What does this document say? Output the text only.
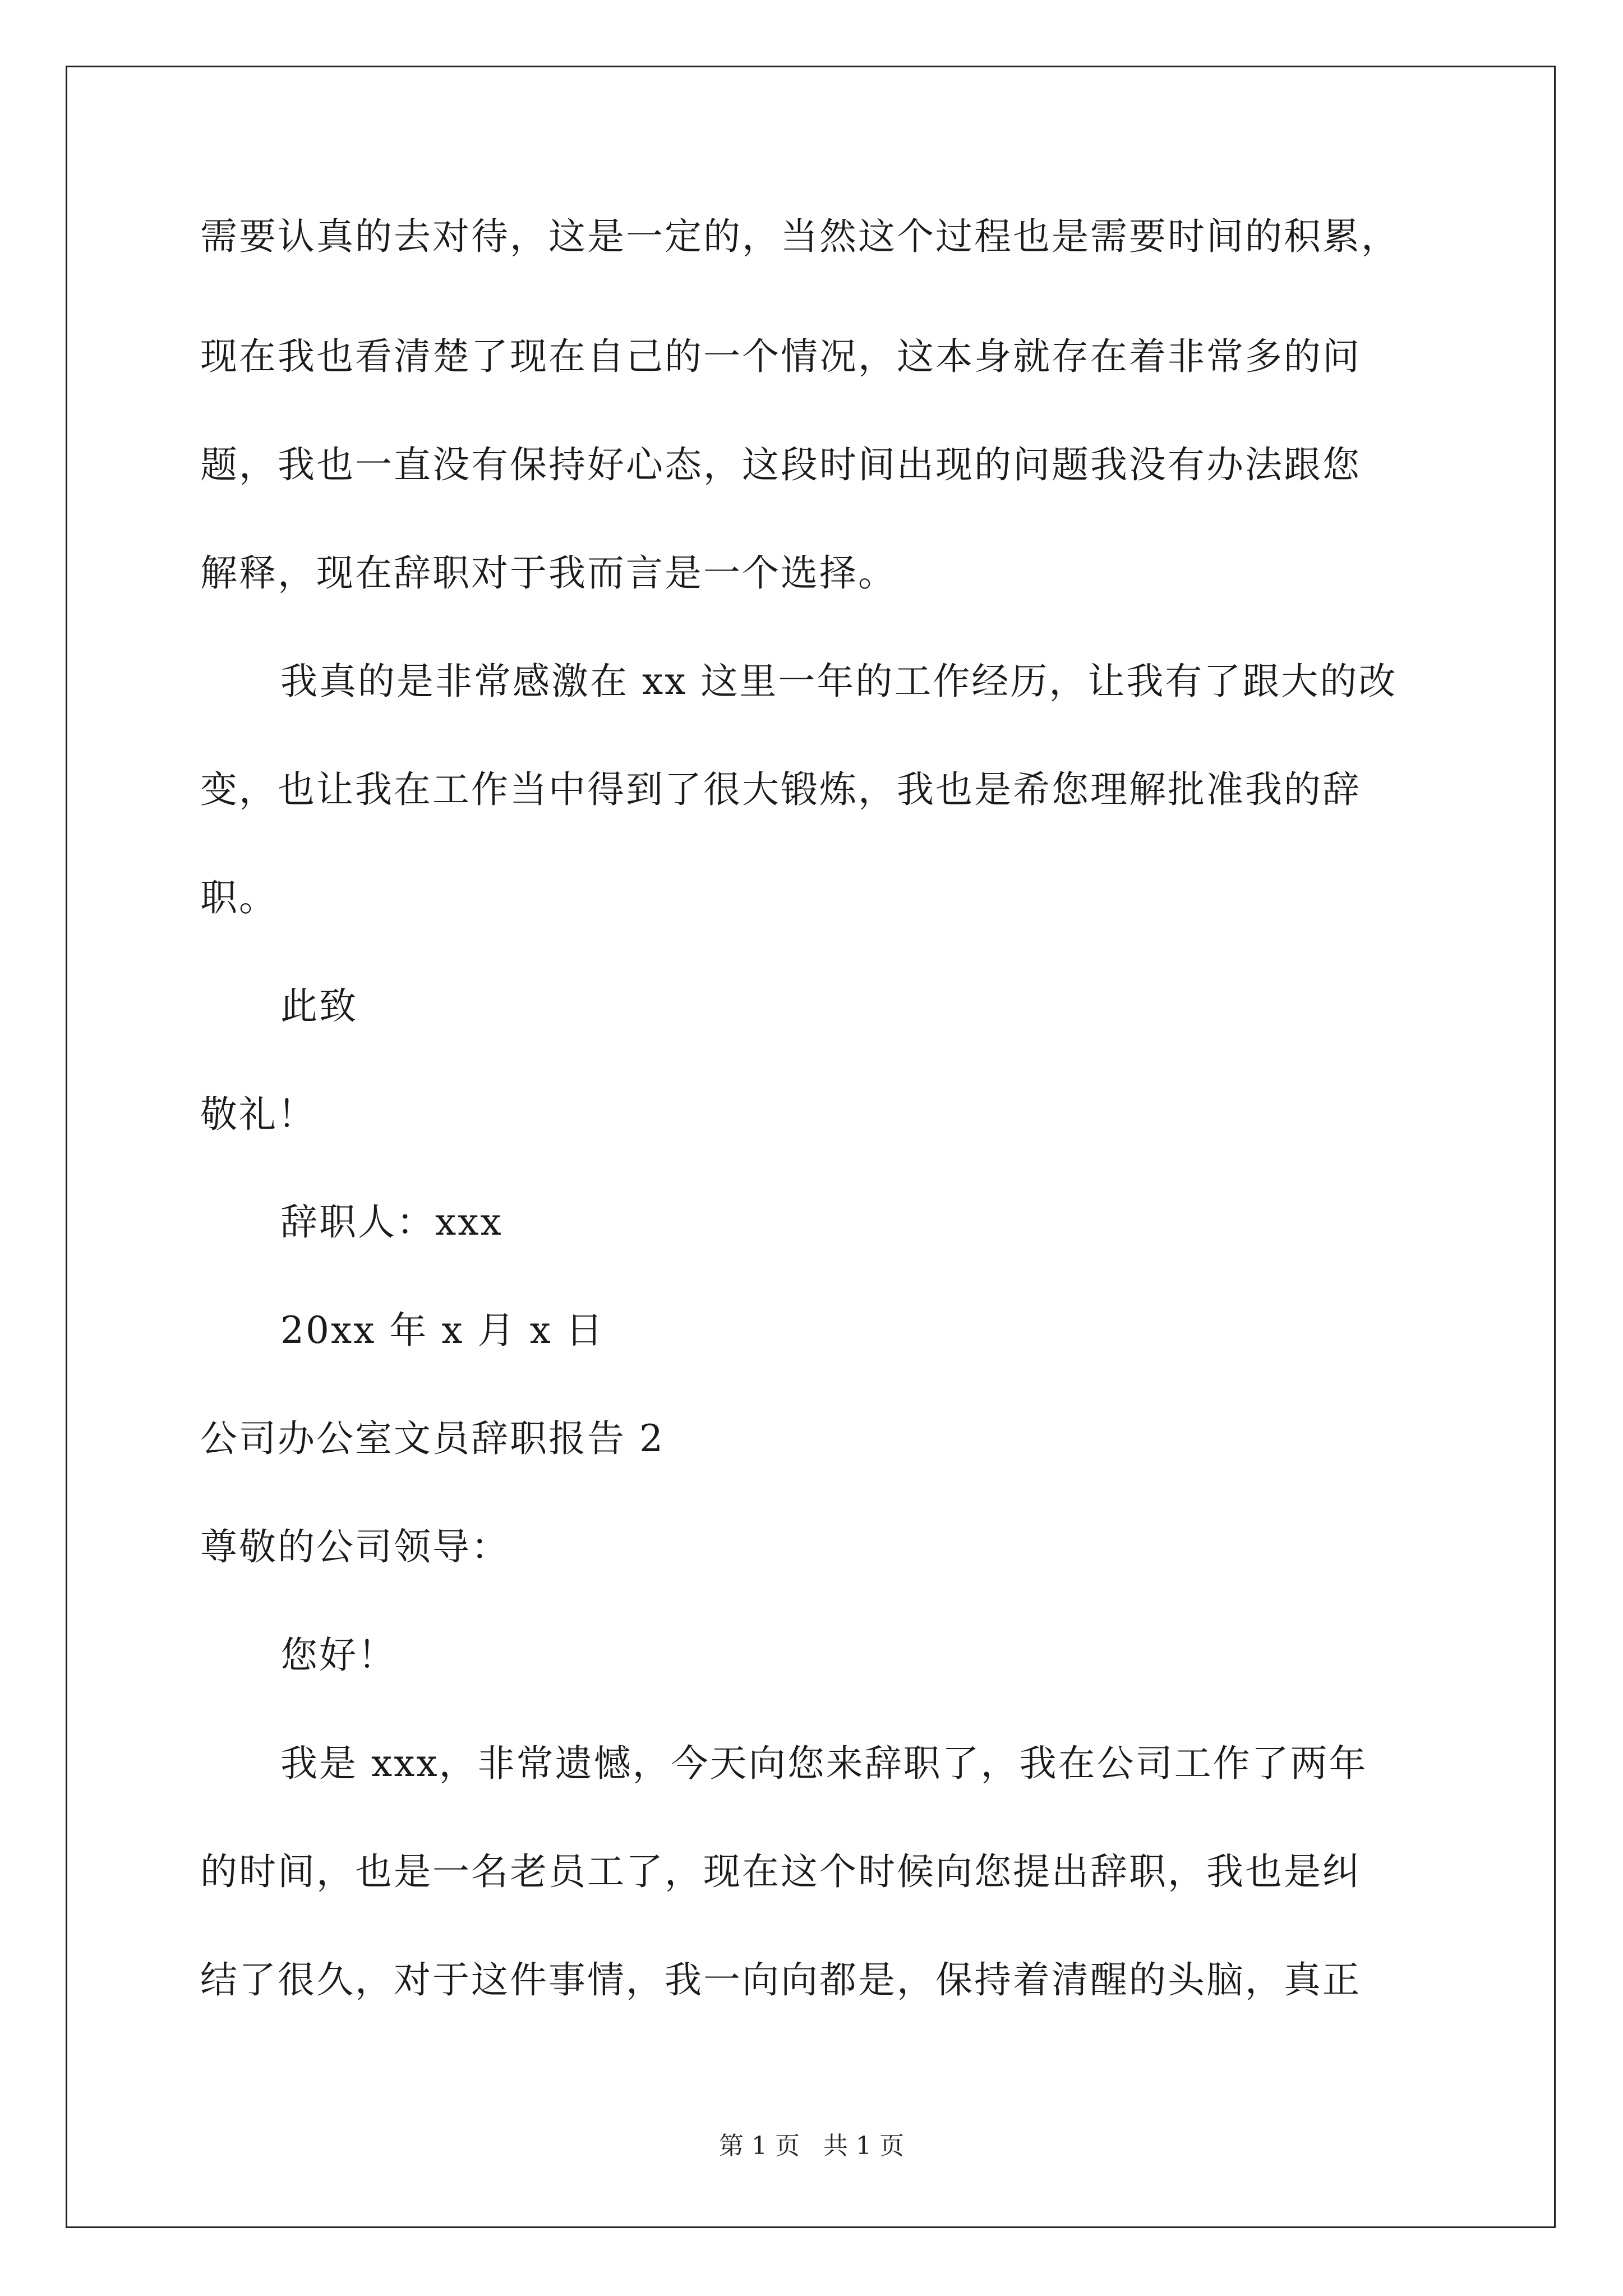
需要认真的去对待，这是一定的，当然这个过程也是需要时间的积累，
现在我也看清楚了现在自己的一个情况，这本身就存在着非常多的问
题，我也一直没有保持好心态，这段时间出现的问题我没有办法跟您
解释，现在辞职对于我而言是一个选择。
我真的是非常感激在 xx 这里一年的工作经历，让我有了跟大的改
变，也让我在工作当中得到了很大锻炼，我也是希您理解批准我的辞
职。
此致
敬礼！
辞职人：xxx
20xx 年 x 月 x 日
公司办公室文员辞职报告 2
尊敬的公司领导：
您好！
我是 xxx，非常遗憾，今天向您来辞职了，我在公司工作了两年
的时间，也是一名老员工了，现在这个时候向您提出辞职，我也是纠
结了很久，对于这件事情，我一向向都是，保持着清醒的头脑，真正
第 1 页   共 1 页
